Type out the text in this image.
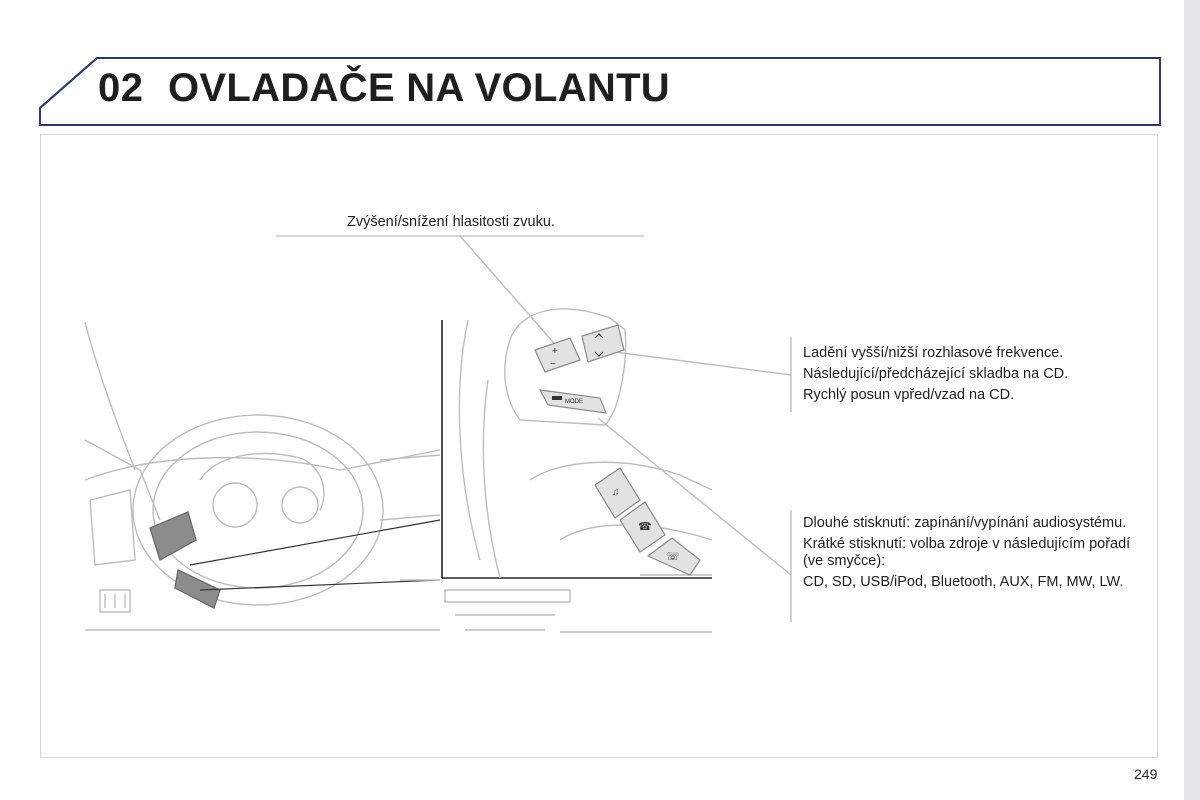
02 OVLADAČE NA VOLANTU
+
−
MODE
♫
☎
☏
Zvýšení/snížení hlasitosti zvuku.
Ladění vyšší/nižší rozhlasové frekvence.
Následující/předcházející skladba na CD.
Rychlý posun vpřed/vzad na CD.
Dlouhé stisknutí: zapínání/vypínání audiosystému.
Krátké stisknutí: volba zdroje v následujícím pořadí (ve smyčce):
CD, SD, USB/iPod, Bluetooth, AUX, FM, MW, LW.
249
